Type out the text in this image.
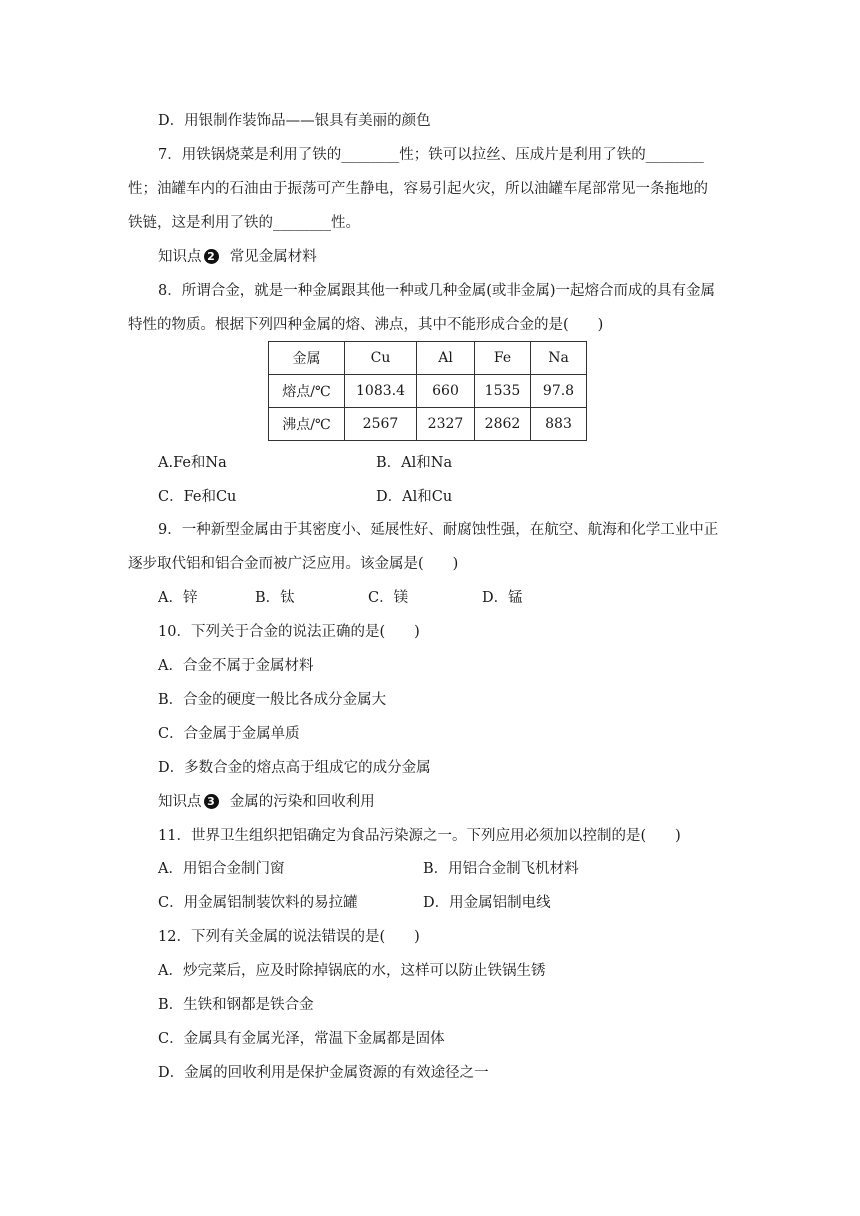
D．用银制作装饰品——银具有美丽的颜色
7．用铁锅烧菜是利用了铁的________性；铁可以拉丝、压成片是利用了铁的________
性；油罐车内的石油由于振荡可产生静电，容易引起火灾，所以油罐车尾部常见一条拖地的
铁链，这是利用了铁的________性。
知识点 2 常见金属材料
8．所谓合金，就是一种金属跟其他一种或几种金属(或非金属)一起熔合而成的具有金属
特性的物质。根据下列四种金属的熔、沸点，其中不能形成合金的是(　　)
金属	Cu	Al	Fe	Na
熔点/℃	1083.4	660	1535	97.8
沸点/℃	2567	2327	2862	883
A.Fe和Na	B．Al和Na
C．Fe和Cu	D．Al和Cu
9．一种新型金属由于其密度小、延展性好、耐腐蚀性强，在航空、航海和化学工业中正
逐步取代铝和铝合金而被广泛应用。该金属是(　　)
A．锌	B．钛	C．镁	D．锰
10．下列关于合金的说法正确的是(　　)
A．合金不属于金属材料
B．合金的硬度一般比各成分金属大
C．合金属于金属单质
D．多数合金的熔点高于组成它的成分金属
知识点 3 金属的污染和回收利用
11．世界卫生组织把铝确定为食品污染源之一。下列应用必须加以控制的是(　　)
A．用铝合金制门窗	B．用铝合金制飞机材料
C．用金属铝制装饮料的易拉罐	D．用金属铝制电线
12．下列有关金属的说法错误的是(　　)
A．炒完菜后，应及时除掉锅底的水，这样可以防止铁锅生锈
B．生铁和钢都是铁合金
C．金属具有金属光泽，常温下金属都是固体
D．金属的回收利用是保护金属资源的有效途径之一
